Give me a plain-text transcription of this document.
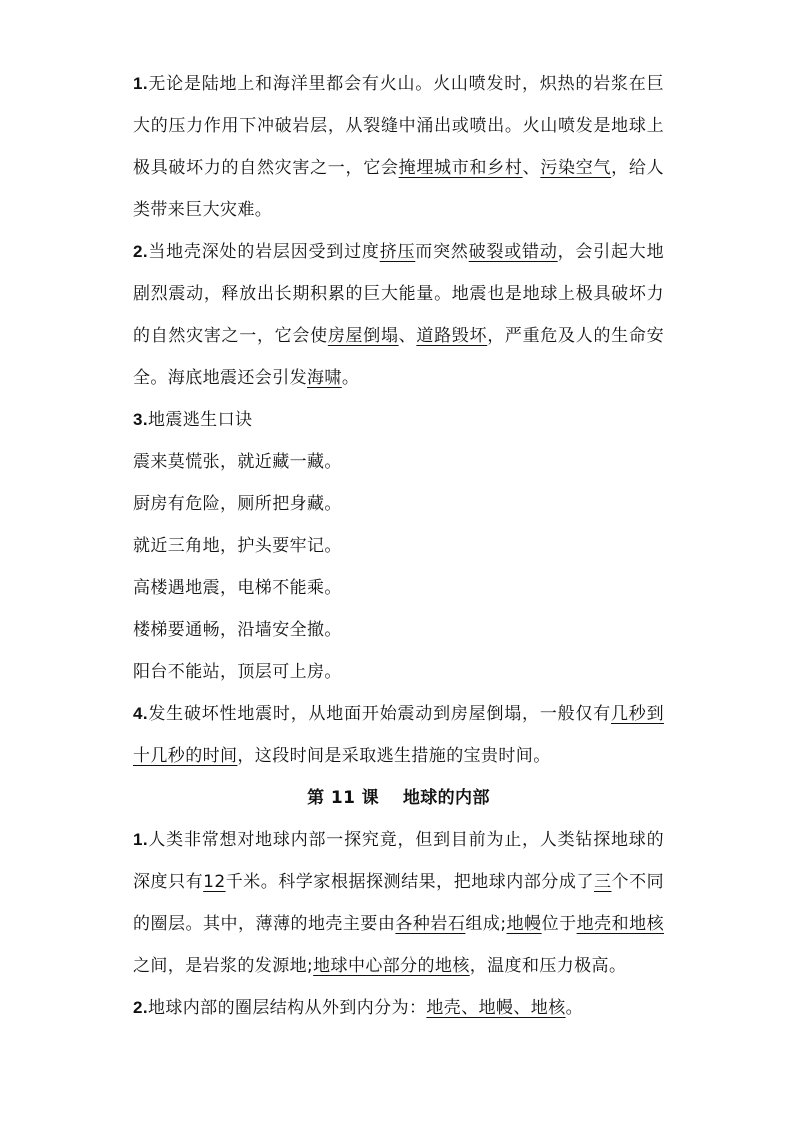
1.无论是陆地上和海洋里都会有火山。火山喷发时，炽热的岩浆在巨大的压力作用下冲破岩层，从裂缝中涌出或喷出。火山喷发是地球上极具破坏力的自然灾害之一，它会掩埋城市和乡村、污染空气，给人类带来巨大灾难。

2.当地壳深处的岩层因受到过度挤压而突然破裂或错动，会引起大地剧烈震动，释放出长期积累的巨大能量。地震也是地球上极具破坏力的自然灾害之一，它会使房屋倒塌、道路毁坏，严重危及人的生命安全。海底地震还会引发海啸。

3.地震逃生口诀

震来莫慌张，就近藏一藏。

厨房有危险，厕所把身藏。

就近三角地，护头要牢记。

高楼遇地震，电梯不能乘。

楼梯要通畅，沿墙安全撤。

阳台不能站，顶层可上房。

4.发生破坏性地震时，从地面开始震动到房屋倒塌，一般仅有几秒到十几秒的时间，这段时间是采取逃生措施的宝贵时间。

第 11 课 地球的内部

1.人类非常想对地球内部一探究竟，但到目前为止，人类钻探地球的深度只有12千米。科学家根据探测结果，把地球内部分成了三个不同的圈层。其中，薄薄的地壳主要由各种岩石组成;地幔位于地壳和地核之间，是岩浆的发源地;地球中心部分的地核，温度和压力极高。

2.地球内部的圈层结构从外到内分为：地壳、地幔、地核。
